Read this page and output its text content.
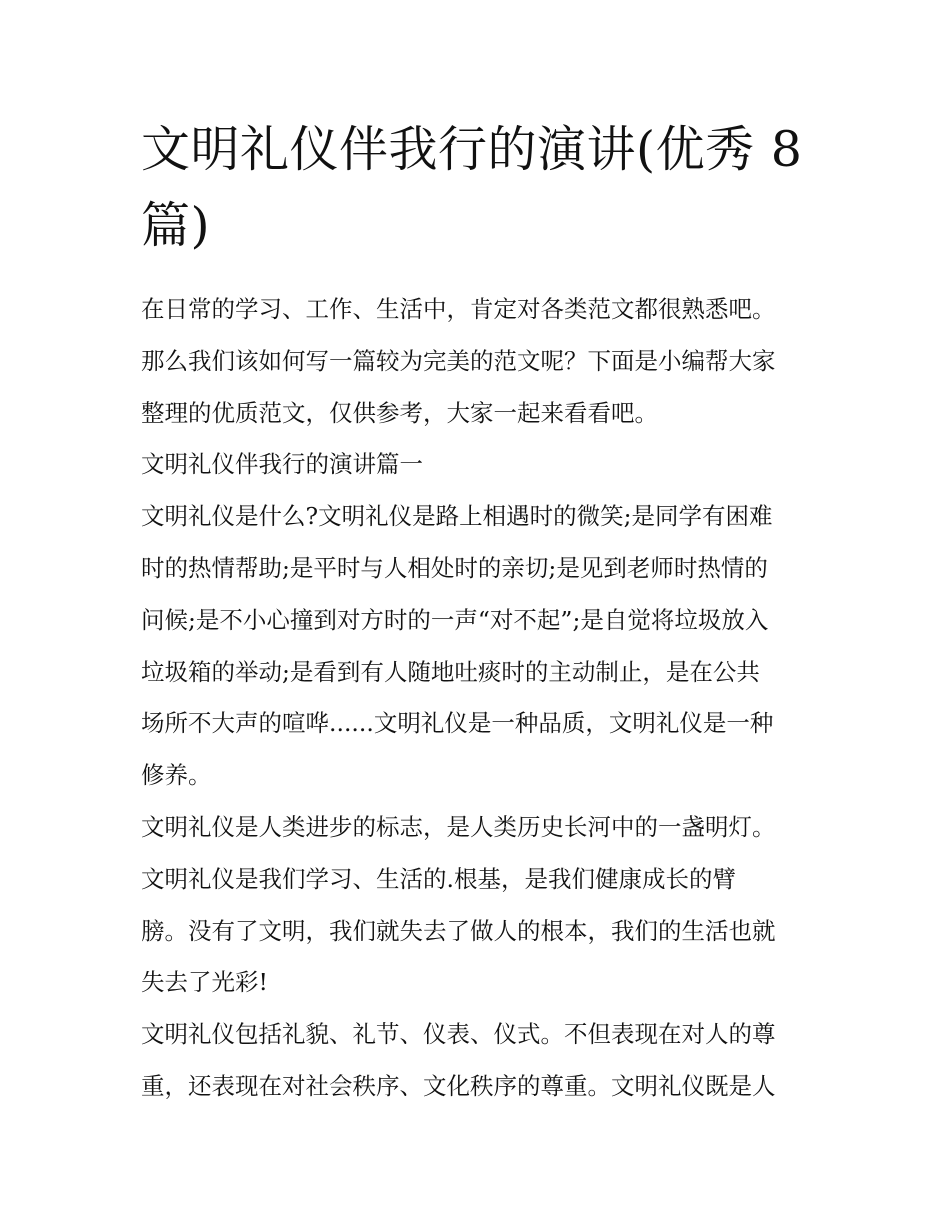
文明礼仪伴我行的演讲(优秀 8 篇)
在日常的学习、工作、生活中，肯定对各类范文都很熟悉吧。
那么我们该如何写一篇较为完美的范文呢？下面是小编帮大家
整理的优质范文，仅供参考，大家一起来看看吧。
文明礼仪伴我行的演讲篇一
文明礼仪是什么?文明礼仪是路上相遇时的微笑;是同学有困难
时的热情帮助;是平时与人相处时的亲切;是见到老师时热情的
问候;是不小心撞到对方时的一声“对不起”;是自觉将垃圾放入
垃圾箱的举动;是看到有人随地吐痰时的主动制止，是在公共
场所不大声的喧哗......文明礼仪是一种品质，文明礼仪是一种
修养。
文明礼仪是人类进步的标志，是人类历史长河中的一盏明灯。
文明礼仪是我们学习、生活的.根基，是我们健康成长的臂
膀。没有了文明，我们就失去了做人的根本，我们的生活也就
失去了光彩!
文明礼仪包括礼貌、礼节、仪表、仪式。不但表现在对人的尊
重，还表现在对社会秩序、文化秩序的尊重。文明礼仪既是人
